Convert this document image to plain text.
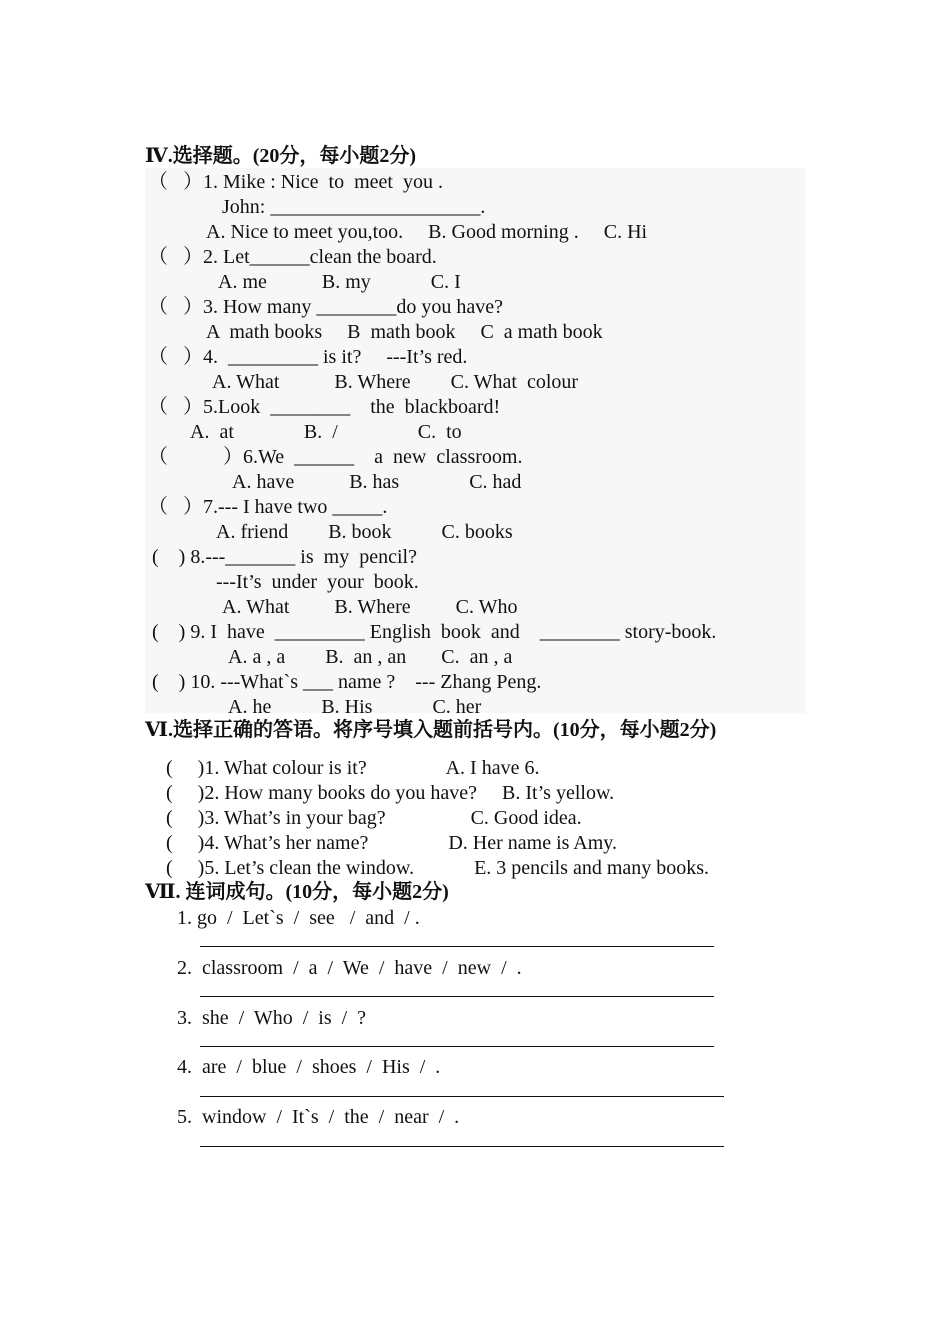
Ⅳ.选择题。(20分，每小题2分)
（   ）1. Mike : Nice  to  meet  you .
John: _____________________.
A. Nice to meet you,too.     B. Good morning .     C. Hi
（   ）2. Let______clean the board.
A. me           B. my            C. I
（   ）3. How many ________do you have?
A  math books     B  math book     C  a math book
（   ）4.  _________ is it?     ---It’s red.
A. What           B. Where        C. What  colour
（   ）5.Look  ________    the  blackboard!
A.  at              B.  /                C.  to
（           ）6.We  ______    a  new  classroom.
A. have           B. has              C. had
（   ）7.--- I have two _____.
A. friend        B. book          C. books
(    ) 8.---_______ is  my  pencil?
---It’s  under  your  book.
A. What         B. Where         C. Who
(    ) 9. I  have  _________ English  book  and    ________ story-book.
A. a , a        B.  an , an       C.  an , a
(    ) 10. ---What`s ___ name ?    --- Zhang Peng.
A. he          B. His            C. her
Ⅵ.选择正确的答语。将序号填入题前括号内。(10分，每小题2分)
(     )1. What colour is it?                A. I have 6.
(     )2. How many books do you have?     B. It’s yellow.
(     )3. What’s in your bag?                 C. Good idea.
(     )4. What’s her name?                D. Her name is Amy.
(     )5. Let’s clean the window.            E. 3 pencils and many books.
Ⅶ. 连词成句。(10分，每小题2分)
1. go  /  Let`s  /  see   /  and  / .
2.  classroom  /  a  /  We  /  have  /  new  /  .
3.  she  /  Who  /  is  /  ?
4.  are  /  blue  /  shoes  /  His  /  .
5.  window  /  It`s  /  the  /  near  /  .
